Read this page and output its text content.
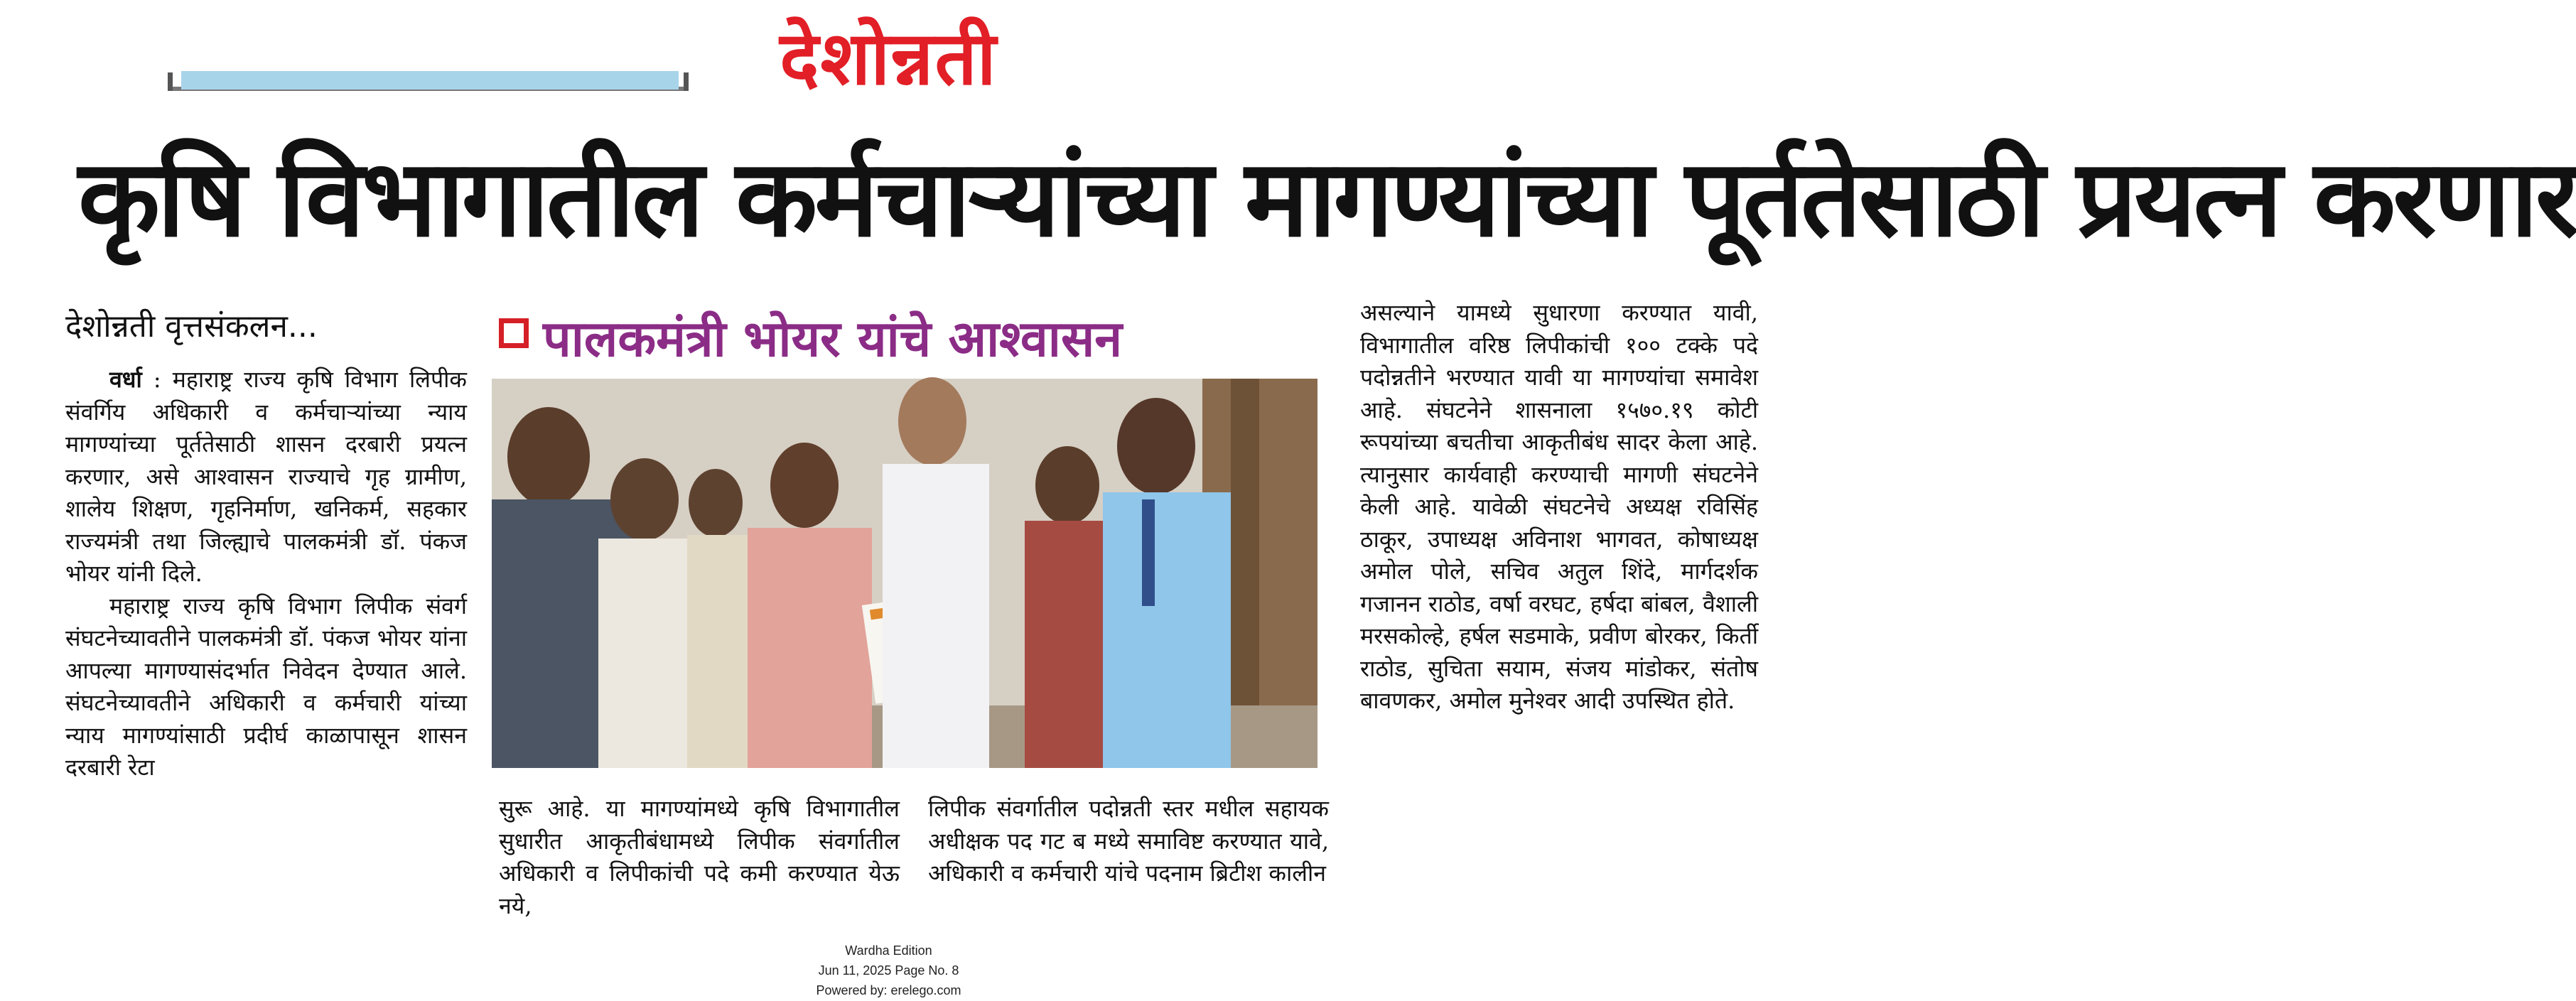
देशोन्नती
कृषि विभागातील कर्मचाऱ्यांच्या मागण्यांच्या पूर्ततेसाठी प्रयत्न करणार
देशोन्नती वृत्तसंकलन...	पालकमंत्री भोयर यांचे आश्वासन

वर्धा : महाराष्ट्र राज्य कृषि विभाग लिपीक संवर्गिय अधिकारी व कर्मचाऱ्यांच्या न्याय मागण्यांच्या पूर्ततेसाठी शासन दरबारी प्रयत्न करणार, असे आश्वासन राज्याचे गृह ग्रामीण, शालेय शिक्षण, गृहनिर्माण, खनिकर्म, सहकार राज्यमंत्री तथा जिल्ह्याचे पालकमंत्री डॉ. पंकज भोयर यांनी दिले.

महाराष्ट्र राज्य कृषि विभाग लिपीक संवर्ग संघटनेच्यावतीने पालकमंत्री डॉ. पंकज भोयर यांना आपल्या मागण्यासंदर्भात निवेदन देण्यात आले. संघटनेच्यावतीने अधिकारी व कर्मचारी यांच्या न्याय मागण्यांसाठी प्रदीर्घ काळापासून शासन दरबारी रेटा

सुरू आहे. या मागण्यांमध्ये कृषि विभागातील सुधारीत आकृतीबंधामध्ये लिपीक संवर्गातील अधिकारी व लिपीकांची पदे कमी करण्यात येऊ नये,
लिपीक संवर्गातील पदोन्नती स्तर मधील सहायक अधीक्षक पद गट ब मध्ये समाविष्ट करण्यात यावे, अधिकारी व कर्मचारी यांचे पदनाम ब्रिटीश कालीन
असल्याने यामध्ये सुधारणा करण्यात यावी, विभागातील वरिष्ठ लिपीकांची १०० टक्के पदे पदोन्नतीने भरण्यात यावी या मागण्यांचा समावेश आहे. संघटनेने शासनाला १५७०.१९ कोटी रूपयांच्या बचतीचा आकृतीबंध सादर केला आहे. त्यानुसार कार्यवाही करण्याची मागणी संघटनेने केली आहे. यावेळी संघटनेचे अध्यक्ष रविसिंह ठाकूर, उपाध्यक्ष अविनाश भागवत, कोषाध्यक्ष अमोल पोले, सचिव अतुल शिंदे, मार्गदर्शक गजानन राठोड, वर्षा वरघट, हर्षदा बांबल, वैशाली मरसकोल्हे, हर्षल सडमाके, प्रवीण बोरकर, किर्ती राठोड, सुचिता सयाम, संजय मांडोकर, संतोष बावणकर, अमोल मुनेश्वर आदी उपस्थित होते.
Wardha Edition
Jun 11, 2025 Page No. 8
Powered by: erelego.com
